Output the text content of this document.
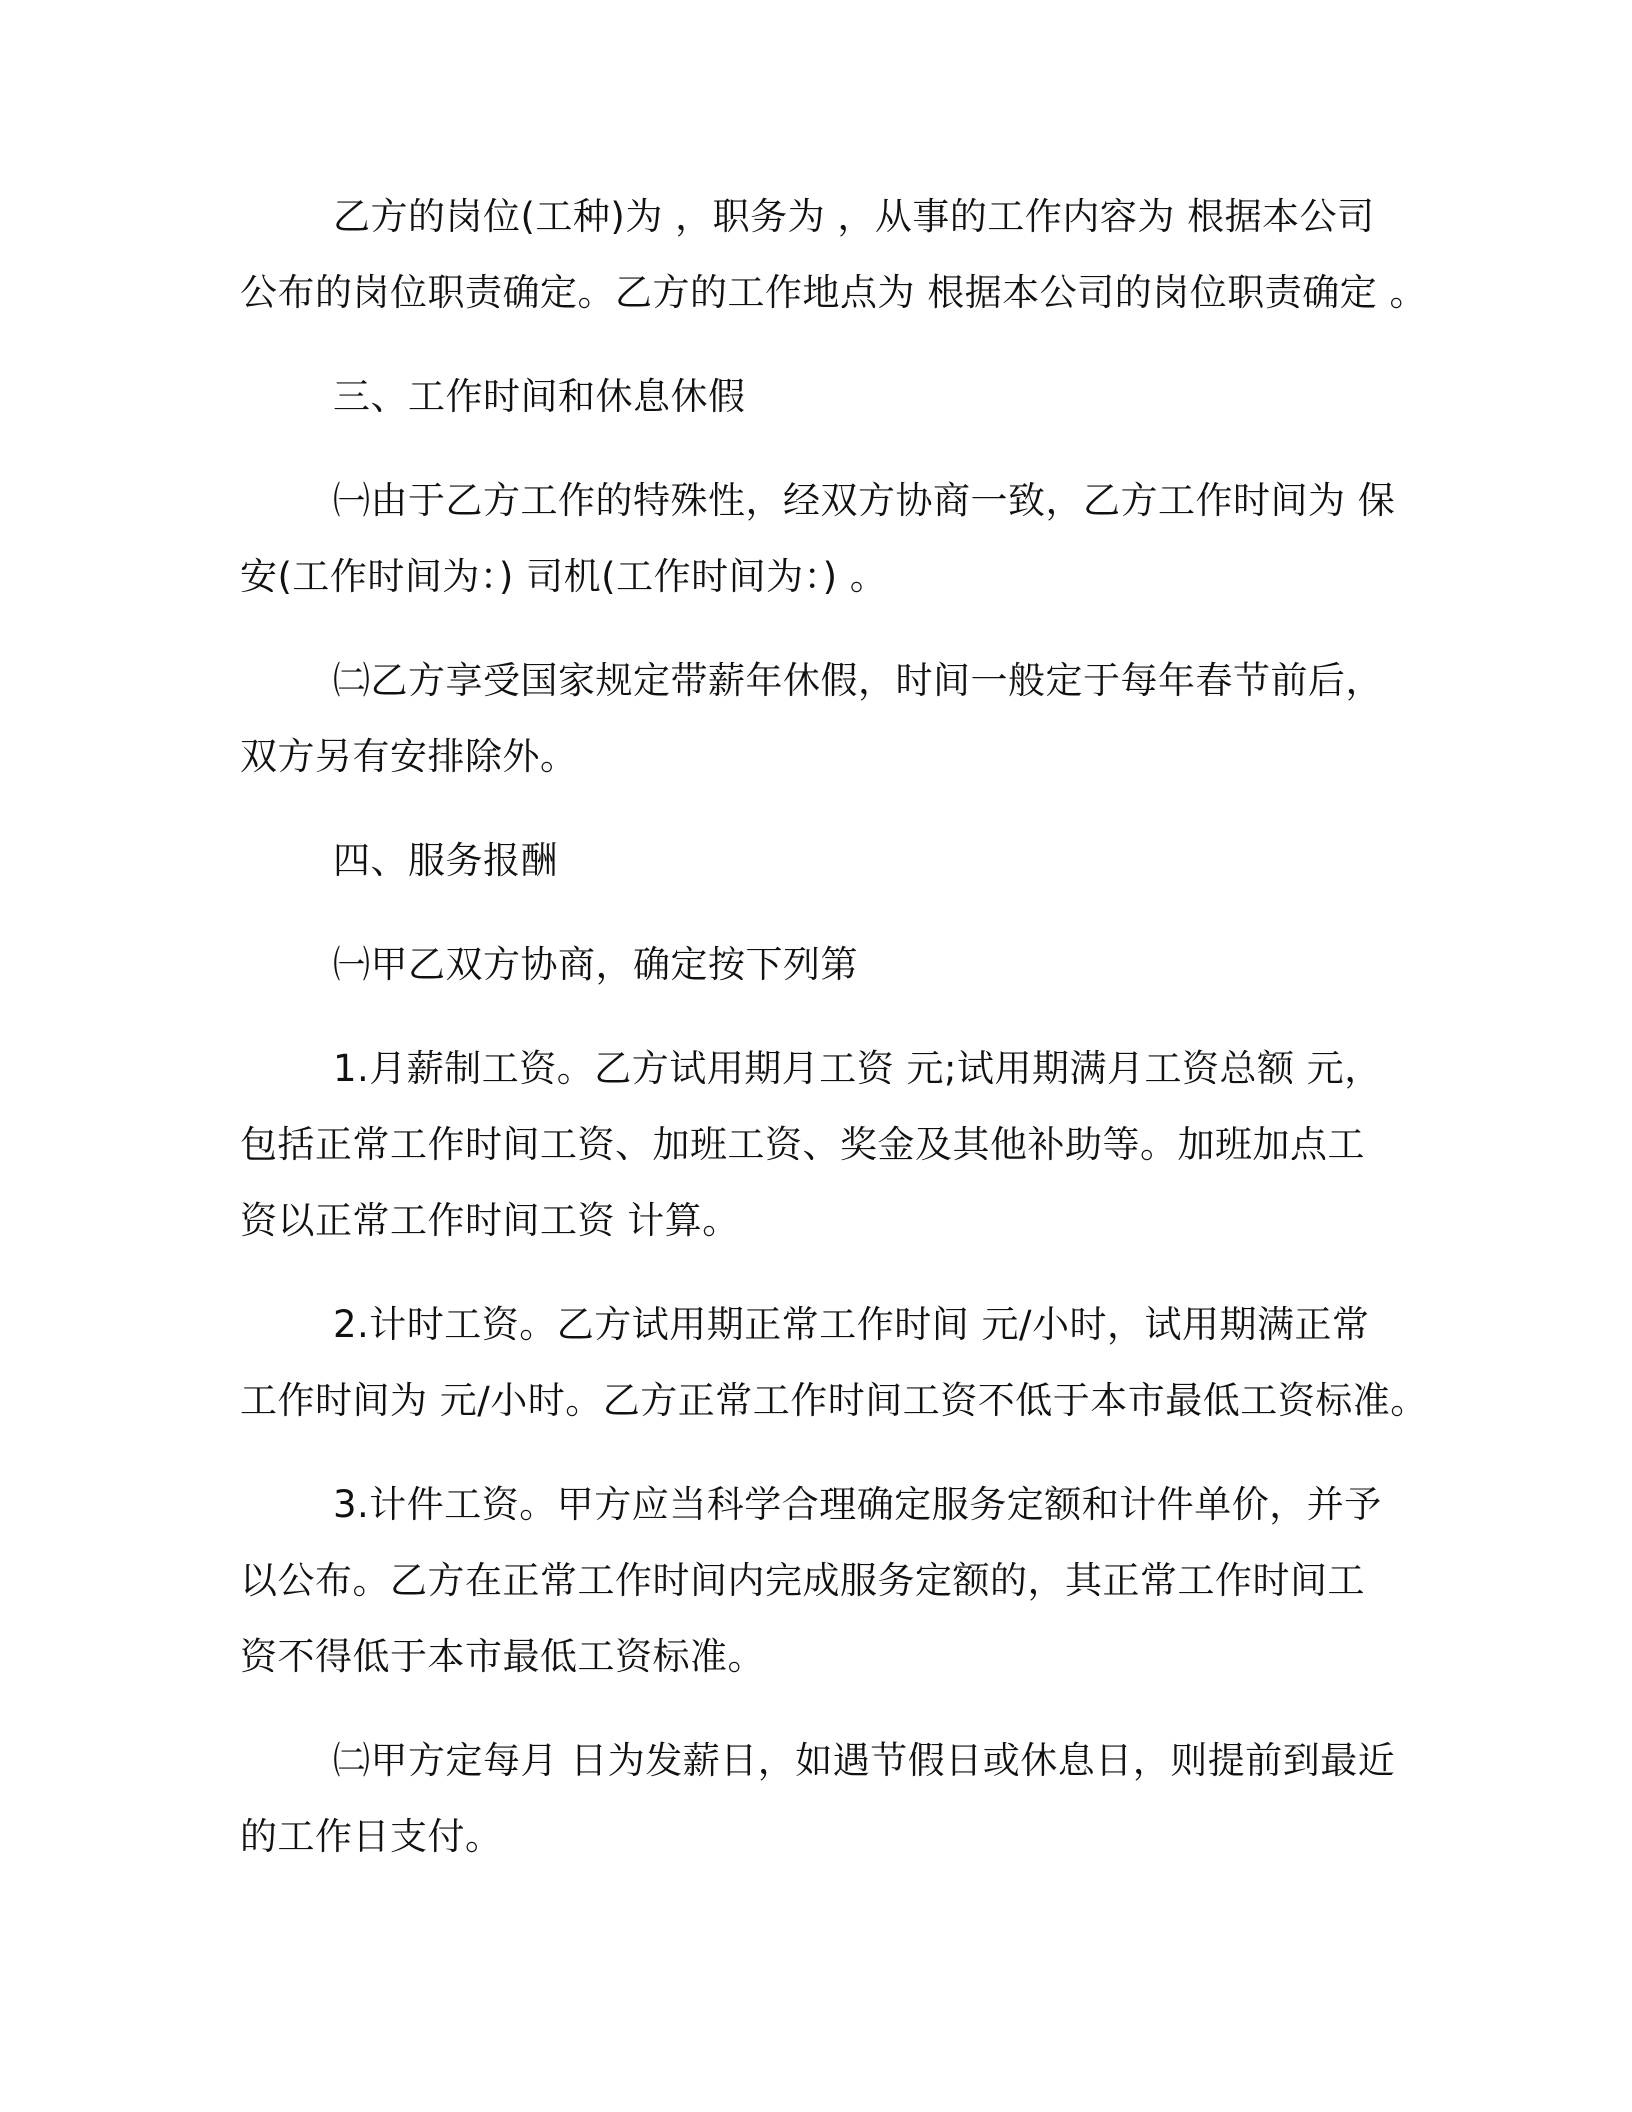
乙方的岗位(工种)为 ，职务为 ，从事的工作内容为 根据本公司
公布的岗位职责确定。乙方的工作地点为 根据本公司的岗位职责确定 。
三、工作时间和休息休假
㈠由于乙方工作的特殊性，经双方协商一致，乙方工作时间为 保
安(工作时间为：) 司机(工作时间为：) 。
㈡乙方享受国家规定带薪年休假，时间一般定于每年春节前后，
双方另有安排除外。
四、服务报酬
㈠甲乙双方协商，确定按下列第
1.月薪制工资。乙方试用期月工资 元;试用期满月工资总额 元，
包括正常工作时间工资、加班工资、奖金及其他补助等。加班加点工
资以正常工作时间工资 计算。
2.计时工资。乙方试用期正常工作时间 元/小时，试用期满正常
工作时间为 元/小时。乙方正常工作时间工资不低于本市最低工资标准。
3.计件工资。甲方应当科学合理确定服务定额和计件单价，并予
以公布。乙方在正常工作时间内完成服务定额的，其正常工作时间工
资不得低于本市最低工资标准。
㈡甲方定每月 日为发薪日，如遇节假日或休息日，则提前到最近
的工作日支付。
